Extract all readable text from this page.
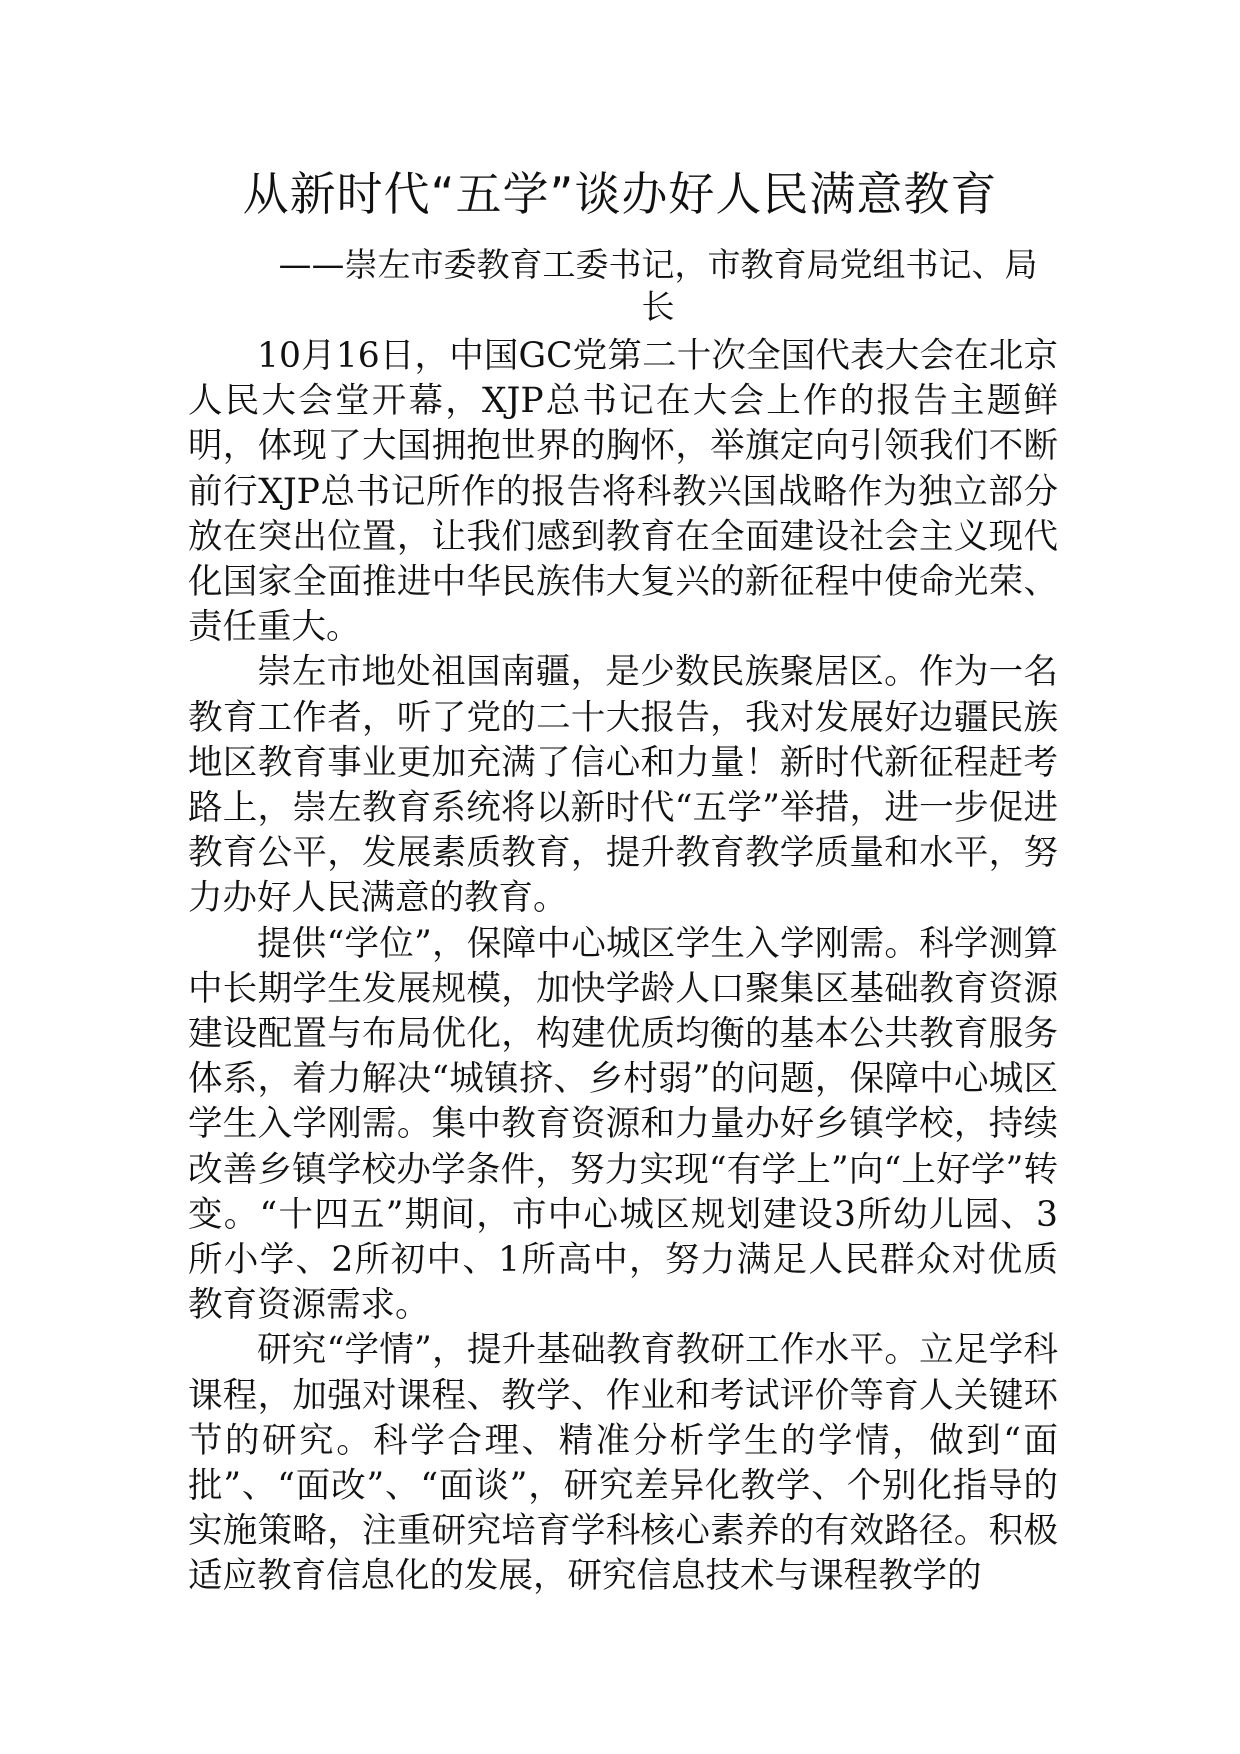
从新时代“五学”谈办好人民满意教育

——崇左市委教育工委书记，市教育局党组书记、局长

10月16日，中国GC党第二十次全国代表大会在北京人民大会堂开幕，XJP总书记在大会上作的报告主题鲜明，体现了大国拥抱世界的胸怀，举旗定向引领我们不断前行XJP总书记所作的报告将科教兴国战略作为独立部分放在突出位置，让我们感到教育在全面建设社会主义现代化国家全面推进中华民族伟大复兴的新征程中使命光荣、责任重大。

崇左市地处祖国南疆，是少数民族聚居区。作为一名教育工作者，听了党的二十大报告，我对发展好边疆民族地区教育事业更加充满了信心和力量！新时代新征程赶考路上，崇左教育系统将以新时代“五学”举措，进一步促进教育公平，发展素质教育，提升教育教学质量和水平，努力办好人民满意的教育。

提供“学位”，保障中心城区学生入学刚需。科学测算中长期学生发展规模，加快学龄人口聚集区基础教育资源建设配置与布局优化，构建优质均衡的基本公共教育服务体系，着力解决“城镇挤、乡村弱”的问题，保障中心城区学生入学刚需。集中教育资源和力量办好乡镇学校，持续改善乡镇学校办学条件，努力实现“有学上”向“上好学”转变。“十四五”期间，市中心城区规划建设3所幼儿园、3所小学、2所初中、1所高中，努力满足人民群众对优质教育资源需求。

研究“学情”，提升基础教育教研工作水平。立足学科课程，加强对课程、教学、作业和考试评价等育人关键环节的研究。科学合理、精准分析学生的学情，做到“面批”、“面改”、“面谈”，研究差异化教学、个别化指导的实施策略，注重研究培育学科核心素养的有效路径。积极适应教育信息化的发展，研究信息技术与课程教学的
